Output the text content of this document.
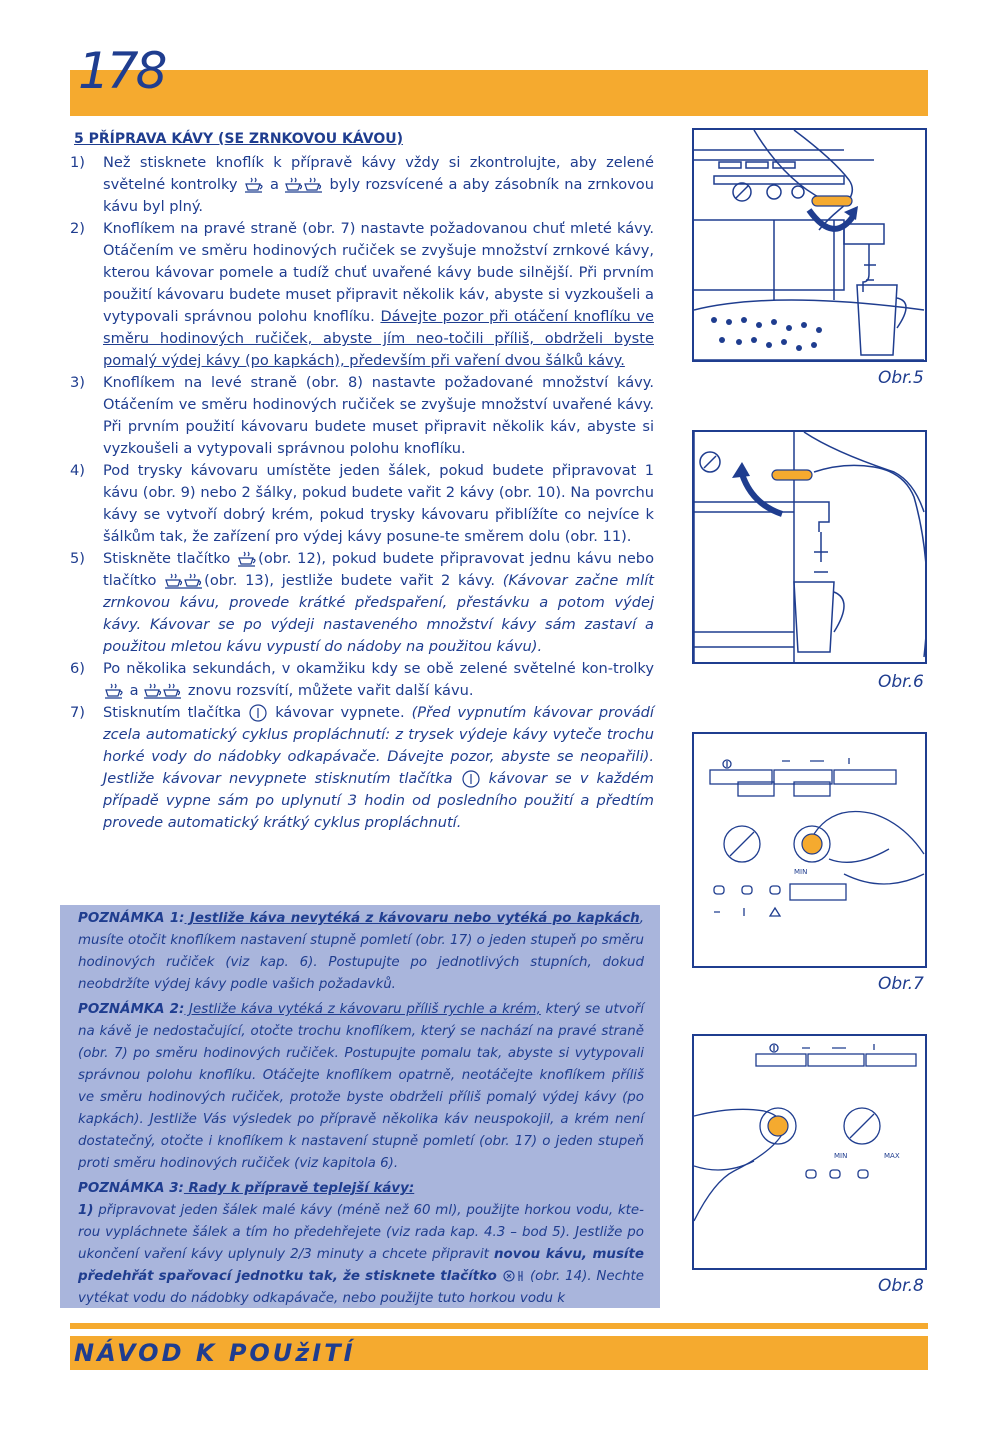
178
5 PŘÍPRAVA KÁVY (SE ZRNKOVOU KÁVOU)
1)	Než stisknete knoflík k přípravě kávy vždy si zkontrolujte, aby zelené světelné kontrolky  a	byly rozsvícené a aby zásobník na zrnkovou kávu byl plný.
2)	Knoflíkem na pravé straně (obr. 7) nastavte požadovanou chuť mleté kávy. Otáčením ve směru hodinových ručiček se zvyšuje množství zrnkové kávy, kterou kávovar pomele a tudíž chuť uvařené kávy bude silnější. Při prvním použití kávovaru budete muset připravit několik káv, abyste si vyzkoušeli a vytypovali správnou polohu knoflíku. Dávejte pozor při otáčení knoflíku ve směru hodinových ručiček, abyste jím neo-točili příliš, obdrželi byste pomalý výdej kávy (po kapkách), především při vaření dvou šálků kávy.
3)	Knoflíkem na levé straně (obr. 8) nastavte požadované množství kávy. Otáčením ve směru hodinových ručiček se zvyšuje množství uvařené kávy. Při prvním použití kávovaru budete muset připravit několik káv, abyste si vyzkoušeli a vytypovali správnou polohu knoflíku.
4)	Pod trysky kávovaru umístěte jeden šálek, pokud budete připravovat 1 kávu (obr. 9) nebo 2 šálky, pokud budete vařit 2 kávy (obr. 10). Na povrchu kávy se vytvoří dobrý krém, pokud trysky kávovaru přiblížíte co nejvíce k šálkům tak, že zařízení pro výdej kávy posune-te směrem dolu (obr. 11).
5)	Stiskněte tlačítko (obr. 12), pokud budete připravovat jednu kávu nebo tlačítko	(obr. 13), jestliže budete vařit 2 kávy. (Kávovar začne mlít zrnkovou kávu, provede krátké předspaření, přestávku a potom výdej kávy. Kávovar se po výdeji nastaveného množství kávy sám zastaví a použitou mletou kávu vypustí do nádoby na použitou kávu).
6)	Po několika sekundách, v okamžiku kdy se obě zelené světelné kon-trolky  a	znovu rozsvítí, můžete vařit další kávu.
7)	Stisknutím tlačítka  kávovar vypnete. (Před vypnutím kávovar provádí zcela automatický cyklus propláchnutí: z trysek výdeje kávy vyteče trochu horké vody do nádobky odkapávače. Dávejte pozor, abyste se neopařili). Jestliže kávovar nevypnete stisknutím tlačítka  kávovar se v každém případě vypne sám po uplynutí 3 hodin od posledního použití a předtím provede automatický krátký cyklus propláchnutí.
POZNÁMKA 1: Jestliže káva nevytéká z kávovaru nebo vytéká po kapkách, musíte otočit knoflíkem nastavení stupně pomletí (obr. 17) o jeden stupeň po směru hodinových ručiček (viz kap. 6). Postupujte po jednotlivých stupních, dokud neobdržíte výdej kávy podle vašich požadavků.
POZNÁMKA 2: Jestliže káva vytéká z kávovaru příliš rychle a krém, který se utvoří na kávě je nedostačující, otočte trochu knoflíkem, který se nachází na pravé straně (obr. 7) po směru hodinových ručiček. Postupujte pomalu tak, abyste si vytypovali správnou polohu knoflíku. Otáčejte knoflíkem opatrně, neotáčejte knoflíkem příliš ve směru hodinových ručiček, protože byste obdrželi příliš pomalý výdej kávy (po kapkách). Jestliže Vás výsledek po přípravě několika káv neuspokojil, a krém není dostatečný, otočte i knoflíkem k nastavení stupně pomletí (obr. 17) o jeden stupeň proti směru hodinových ručiček (viz kapitola 6).
POZNÁMKA 3: Rady k přípravě teplejší kávy:
1) připravovat jeden šálek malé kávy (méně než 60 ml), použijte horkou vodu, kte-rou vypláchnete šálek a tím ho předehřejete (viz rada kap. 4.3 – bod 5). Jestliže po ukončení vaření kávy uplynuly 2/3 minuty a chcete připravit novou kávu, musíte předehřát spařovací jednotku tak, že stisknete tlačítko (obr. 14). Nechte vytékat vodu do nádobky odkapávače, nebo použijte tuto horkou vodu k
Obr.5
Obr.6
MIN
Obr.7
MIN	MAX
Obr.8
NÁVOD K POUžITÍ
